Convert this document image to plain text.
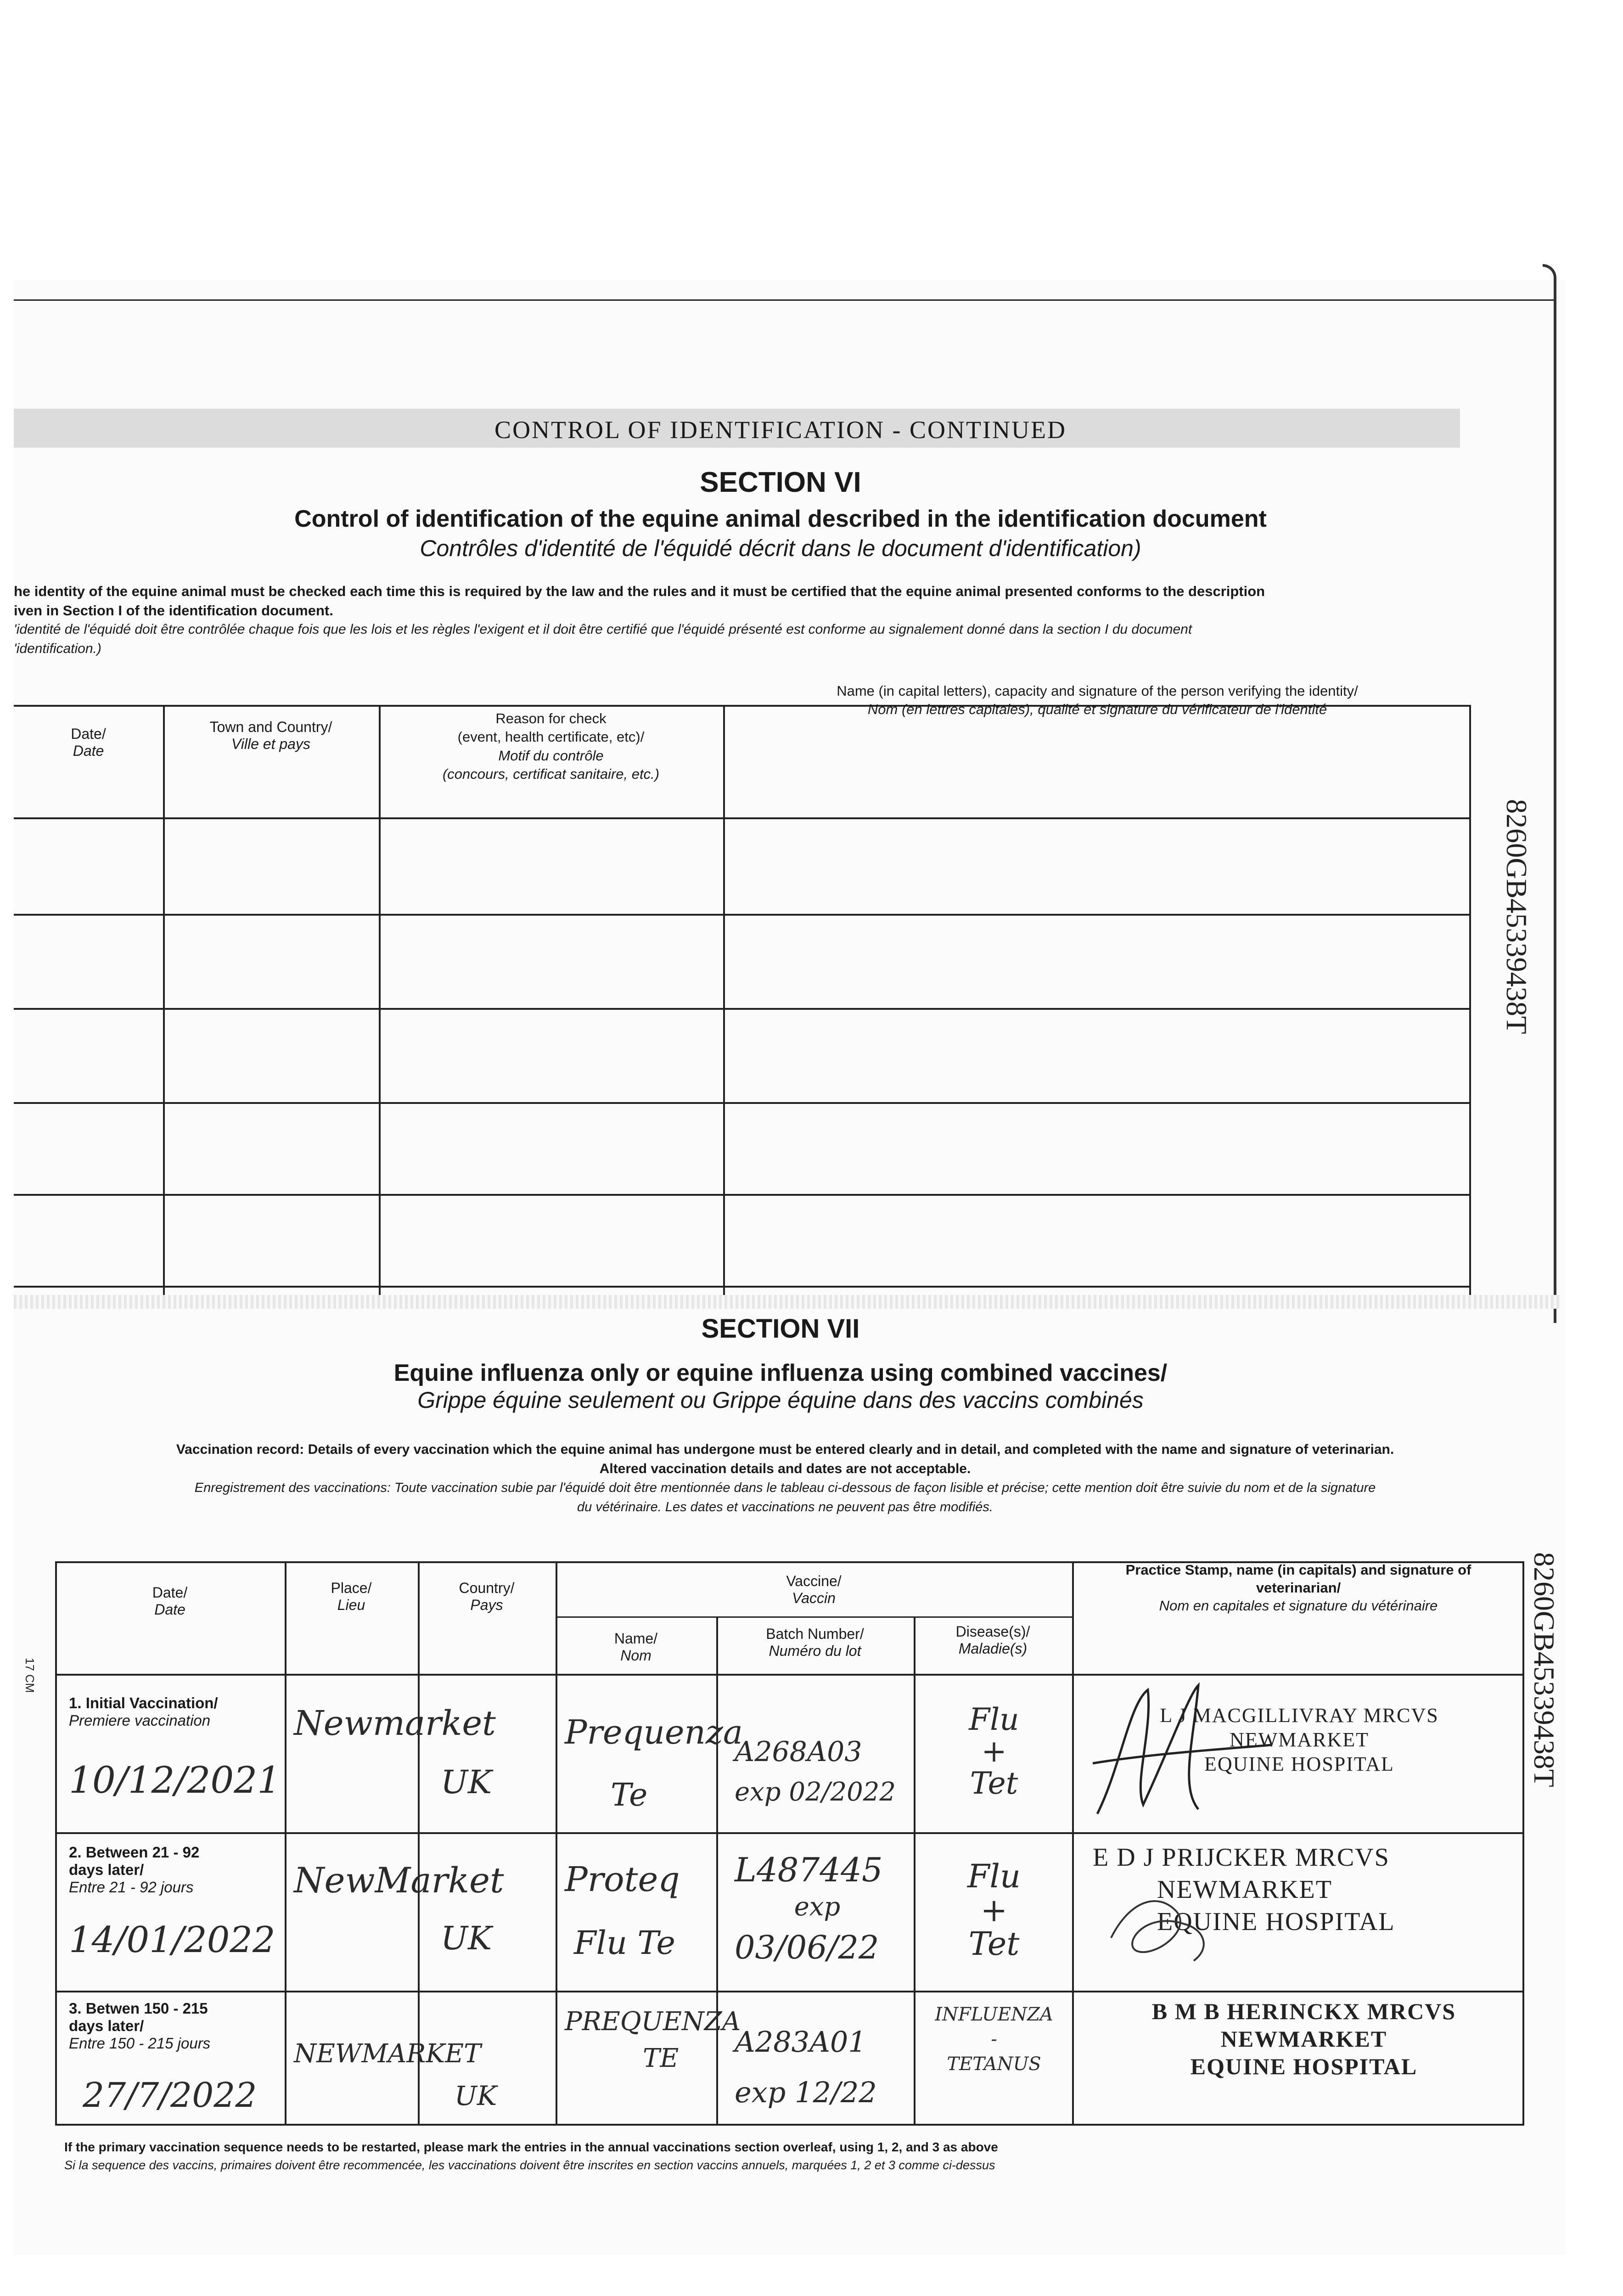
8260GB45339438T
8260GB45339438T
17 CM
CONTROL OF IDENTIFICATION - CONTINUED
SECTION VI
Control of identification of the equine animal described in the identification document
Contrôles d'identité de l'équidé décrit dans le document d'identification)
he identity of the equine animal must be checked each time this is required by the law and the rules and it must be certified that the equine animal presented conforms to the description
iven in Section I of the identification document.
'identité de l'équidé doit être contrôlée chaque fois que les lois et les règles l'exigent et il doit être certifié que l'équidé présenté est conforme au signalement donné dans la section I du document
'identification.)
Date/
Date
Town and Country/
Ville et pays
Reason for check
(event, health certificate, etc)/
Motif du contrôle
(concours, certificat sanitaire, etc.)
Name (in capital letters), capacity and signature of the person verifying the identity/
Nom (en lettres capitales), qualité et signature du vérificateur de l'identité
SECTION VII
Equine influenza only or equine influenza using combined vaccines/
Grippe équine seulement ou Grippe équine dans des vaccins combinés
Vaccination record: Details of every vaccination which the equine animal has undergone must be entered clearly and in detail, and completed with the name and signature of veterinarian.
Altered vaccination details and dates are not acceptable.
Enregistrement des vaccinations: Toute vaccination subie par l'équidé doit être mentionnée dans le tableau ci-dessous de façon lisible et précise; cette mention doit être suivie du nom et de la signature
du vétérinaire. Les dates et vaccinations ne peuvent pas être modifiés.
Date/
Date
Place/
Lieu
Country/
Pays
Vaccine/
Vaccin
Name/
Nom
Batch Number/
Numéro du lot
Disease(s)/
Maladie(s)
Practice Stamp, name (in capitals) and signature of
veterinarian/
Nom en capitales et signature du vétérinaire
1. Initial Vaccination/
Premiere vaccination
10/12/2021
Newmarket
UK
Prequenza
Te
A268A03
exp 02/2022
Flu
+
Tet
L J MACGILLIVRAY MRCVS
NEWMARKET
EQUINE HOSPITAL
2. Between 21 - 92
days later/
Entre 21 - 92 jours
14/01/2022
NewMarket
UK
Proteq
Flu Te
L487445
exp
03/06/22
Flu
+
Tet
E D J PRIJCKER MRCVS
NEWMARKET
EQUINE HOSPITAL
3. Betwen 150 - 215
days later/
Entre 150 - 215 jours
27/7/2022
NEWMARKET
UK
PREQUENZA
TE A283A01
exp 12/22
INFLUENZA
-
TETANUS
B M B HERINCKX MRCVS
NEWMARKET
EQUINE HOSPITAL
If the primary vaccination sequence needs to be restarted, please mark the entries in the annual vaccinations section overleaf, using 1, 2, and 3 as above
Si la sequence des vaccins, primaires doivent être recommencée, les vaccinations doivent être inscrites en section vaccins annuels, marquées 1, 2 et 3 comme ci-dessus
